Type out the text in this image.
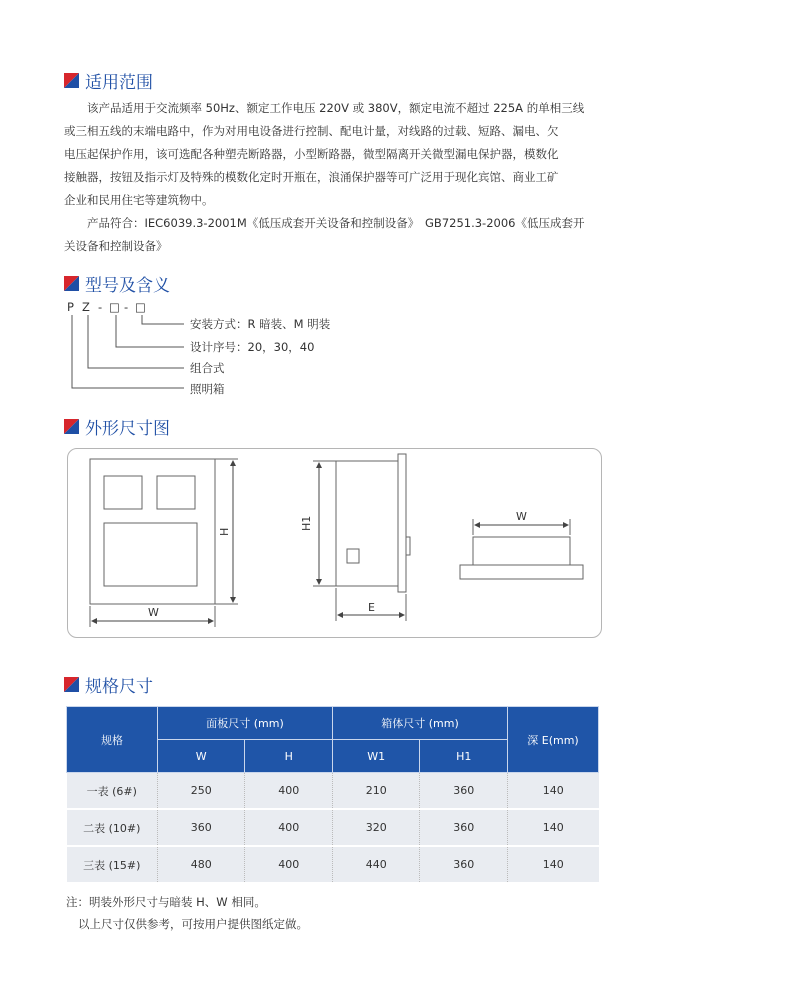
适用范围

该产品适用于交流频率 50Hz、额定工作电压 220V 或 380V，额定电流不超过 225A 的单相三线

或三相五线的末端电路中，作为对用电设备进行控制、配电计量，对线路的过载、短路、漏电、欠

电压起保护作用，该可选配各种塑壳断路器，小型断路器，微型隔离开关微型漏电保护器，模数化

接触器，按钮及指示灯及特殊的模数化定时开瓶在，浪涌保护器等可广泛用于现化宾馆、商业工矿

企业和民用住宅等建筑物中。

产品符合：IEC6039.3-2001M《低压成套开关设备和控制设备》　GB7251.3-2006《低压成套开

关设备和控制设备》

型号及含义
P Z - □ - □
安装方式：R 暗装、M 明装
设计序号：20，30，40
组合式
照明箱
外形尺寸图
H
W
H1
E
W
规格尺寸
规格	面板尺寸 (mm)		箱体尺寸 (mm)		深 E(mm)
	W	H	W1	H1	
一表 (6#)	250	400	210	360	140
二表 (10#)	360	400	320	360	140
三表 (15#)	480	400	440	360	140
注：明装外形尺寸与暗装 H、W 相同。
以上尺寸仅供参考，可按用户提供图纸定做。
